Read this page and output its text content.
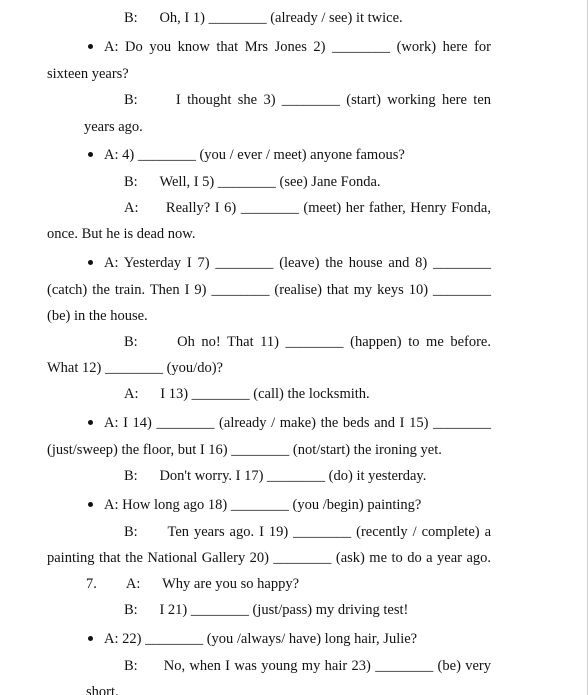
B:      Oh, I 1) ________ (already / see) it twice.
A: Do you know that Mrs Jones 2) ________ (work) here for
sixteen years?
B:      I thought she 3) ________ (start) working here ten
years ago.
A: 4) ________ (you / ever / meet) anyone famous?
B:      Well, I 5) ________ (see) Jane Fonda.
A:      Really? I 6) ________ (meet) her father, Henry Fonda,
once. But he is dead now.
A: Yesterday I 7) ________ (leave) the house and 8) ________
(catch) the train. Then I 9) ________ (realise) that my keys 10) ________
(be) in the house.
B:      Oh no! That 11) ________ (happen) to me before.
What 12) ________ (you/do)?
A:      I 13) ________ (call) the locksmith.
A: I 14) ________ (already / make) the beds and I 15) ________
(just/sweep) the floor, but I 16) ________ (not/start) the ironing yet.
B:      Don't worry. I 17) ________ (do) it yesterday.
A: How long ago 18) ________ (you /begin) painting?
B:      Ten years ago. I 19) ________ (recently / complete) a
painting that the National Gallery 20) ________ (ask) me to do a year ago.
7.        A:      Why are you so happy?
B:      I 21) ________ (just/pass) my driving test!
A: 22) ________ (you /always/ have) long hair, Julie?
B:      No, when I was young my hair 23) ________ (be) very
short.
